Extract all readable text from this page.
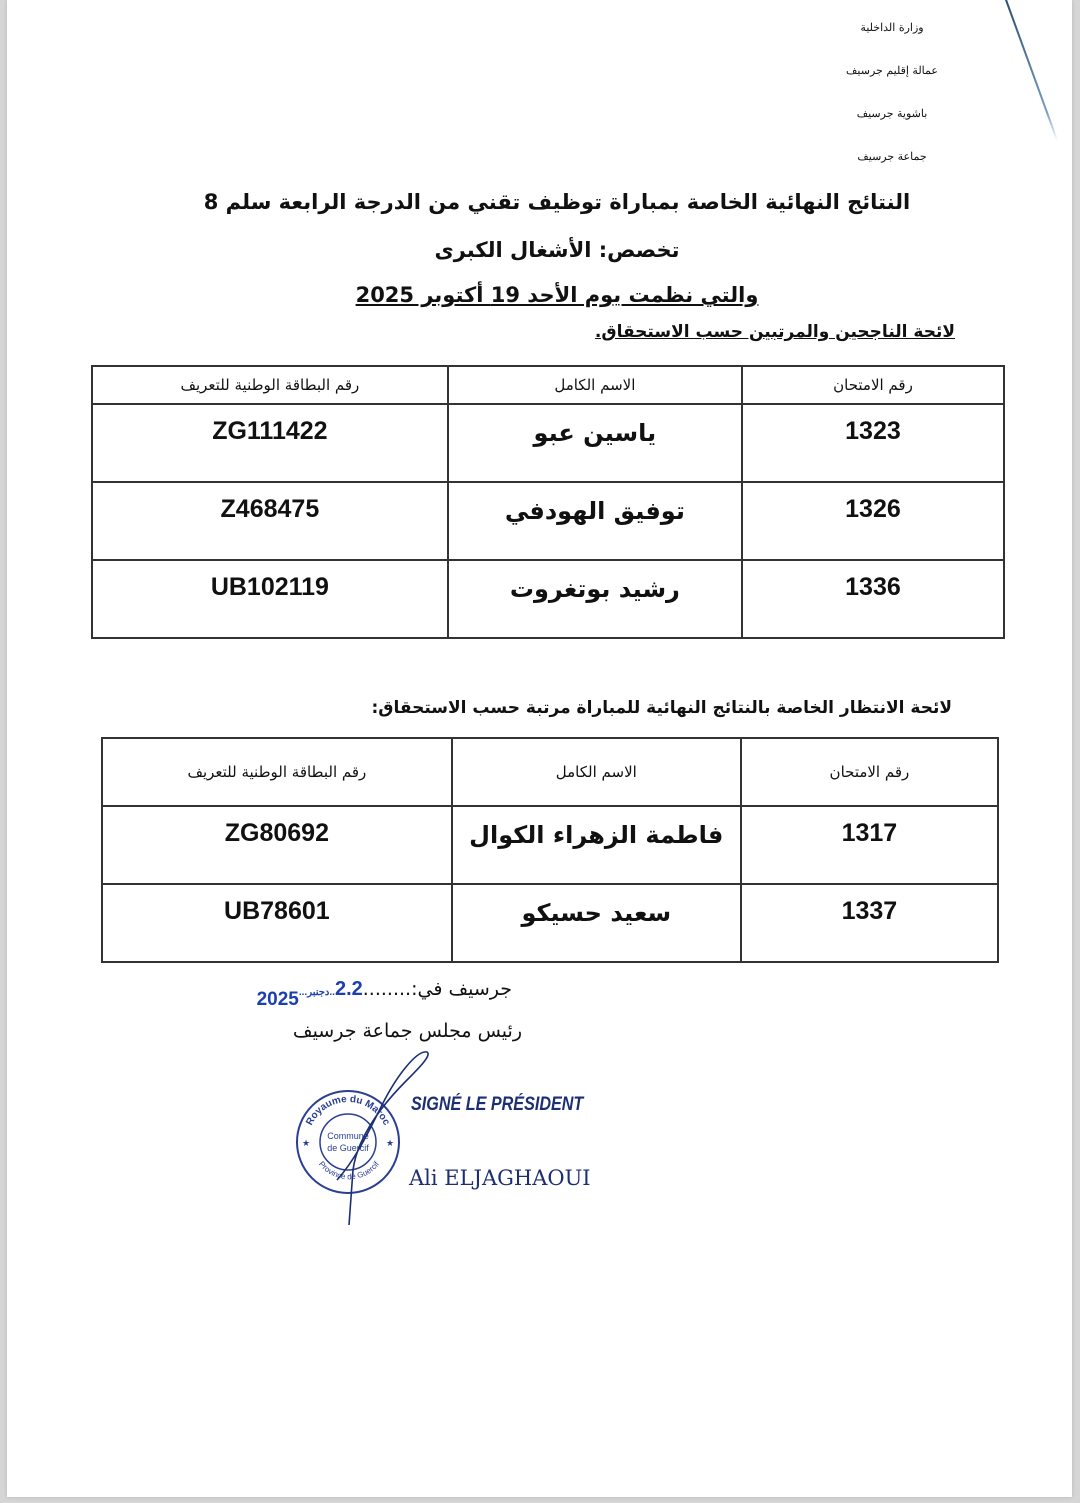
وزارة الداخلية
عمالة إقليم جرسيف
باشوية جرسيف
جماعة جرسيف
النتائج النهائية الخاصة بمباراة توظيف تقني من الدرجة الرابعة سلم 8
تخصص: الأشغال الكبرى
والتي نظمت يوم الأحد 19 أكتوبر 2025
لائحة الناجحين والمرتبين حسب الاستحقاق.
رقم الامتحان	الاسم الكامل	رقم البطاقة الوطنية للتعريف
1323	ياسين عبو	ZG111422
1326	توفيق الهودفي	Z468475
1336	رشيد بوتغروت	UB102119
لائحة الانتظار الخاصة بالنتائج النهائية للمباراة مرتبة حسب الاستحقاق:
رقم الامتحان	الاسم الكامل	رقم البطاقة الوطنية للتعريف
1317	فاطمة الزهراء الكوال	ZG80692
1337	سعيد حسيكو	UB78601
جرسيف في:........2.2..دجنبر...2025
رئيس مجلس جماعة جرسيف
Royaume du Maroc
Province de Guercif
Commune
de Guercif
★	★
SIGNÉ LE PRÉSIDENT
Ali ELJAGHAOUI
